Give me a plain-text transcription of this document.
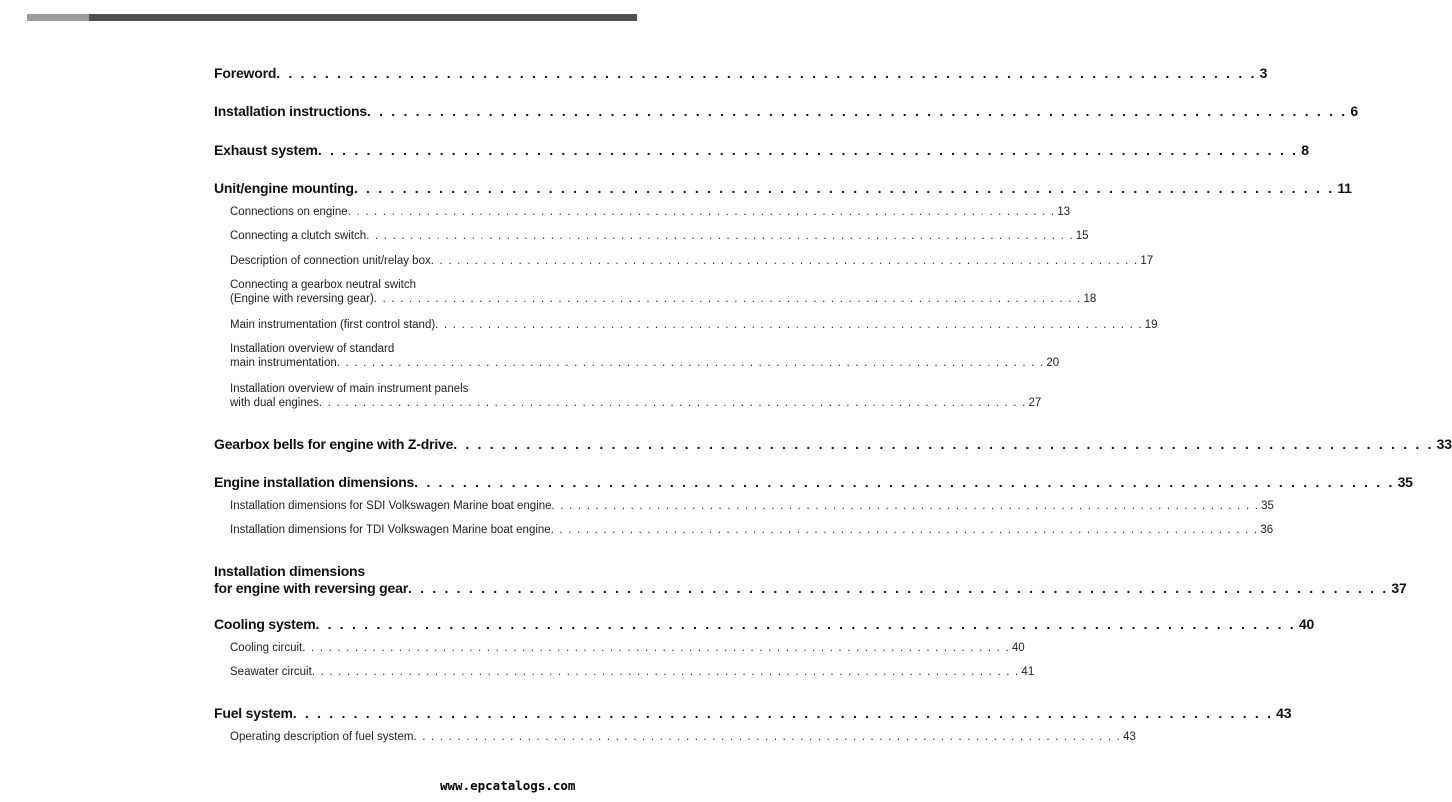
Foreword . . . . . . . . . . . . . . . . . . . . . . . . . . . . . . . . . . . . . . . . . . . . . . . . . . . . . . . . . . . . . . . . . . . . . . . . . . . . . . . . . 3
Installation instructions . . . . . . . . . . . . . . . . . . . . . . . . . . . . . . . . . . . . . . . . . . . . . . . . . . . . . . . . . . . . . . . . . . . . . . . . . . . . . . . . . 6
Exhaust system . . . . . . . . . . . . . . . . . . . . . . . . . . . . . . . . . . . . . . . . . . . . . . . . . . . . . . . . . . . . . . . . . . . . . . . . . . . . . . . . . 8
Unit/engine mounting . . . . . . . . . . . . . . . . . . . . . . . . . . . . . . . . . . . . . . . . . . . . . . . . . . . . . . . . . . . . . . . . . . . . . . . . . . . . . . . . . 11
Connections on engine . . . . . . . . . . . . . . . . . . . . . . . . . . . . . . . . . . . . . . . . . . . . . . . . . . . . . . . . . . . . . . . . . . . . . . . . . . . . . . . . . 13
Connecting a clutch switch . . . . . . . . . . . . . . . . . . . . . . . . . . . . . . . . . . . . . . . . . . . . . . . . . . . . . . . . . . . . . . . . . . . . . . . . . . . . . . . . . 15
Description of connection unit/relay box . . . . . . . . . . . . . . . . . . . . . . . . . . . . . . . . . . . . . . . . . . . . . . . . . . . . . . . . . . . . . . . . . . . . . . . . . . . . . . . . . 17
Connecting a gearbox neutral switch
(Engine with reversing gear) . . . . . . . . . . . . . . . . . . . . . . . . . . . . . . . . . . . . . . . . . . . . . . . . . . . . . . . . . . . . . . . . . . . . . . . . . . . . . . . . . 18
Main instrumentation (first control stand) . . . . . . . . . . . . . . . . . . . . . . . . . . . . . . . . . . . . . . . . . . . . . . . . . . . . . . . . . . . . . . . . . . . . . . . . . . . . . . . . . 19
Installation overview of standard
main instrumentation . . . . . . . . . . . . . . . . . . . . . . . . . . . . . . . . . . . . . . . . . . . . . . . . . . . . . . . . . . . . . . . . . . . . . . . . . . . . . . . . . 20
Installation overview of main instrument panels
with dual engines . . . . . . . . . . . . . . . . . . . . . . . . . . . . . . . . . . . . . . . . . . . . . . . . . . . . . . . . . . . . . . . . . . . . . . . . . . . . . . . . . 27
Gearbox bells for engine with Z-drive . . . . . . . . . . . . . . . . . . . . . . . . . . . . . . . . . . . . . . . . . . . . . . . . . . . . . . . . . . . . . . . . . . . . . . . . . . . . . . . . . 33
Engine installation dimensions . . . . . . . . . . . . . . . . . . . . . . . . . . . . . . . . . . . . . . . . . . . . . . . . . . . . . . . . . . . . . . . . . . . . . . . . . . . . . . . . . 35
Installation dimensions for SDI Volkswagen Marine boat engine . . . . . . . . . . . . . . . . . . . . . . . . . . . . . . . . . . . . . . . . . . . . . . . . . . . . . . . . . . . . . . . . . . . . . . . . . . . . . . . . . 35
Installation dimensions for TDI Volkswagen Marine boat engine . . . . . . . . . . . . . . . . . . . . . . . . . . . . . . . . . . . . . . . . . . . . . . . . . . . . . . . . . . . . . . . . . . . . . . . . . . . . . . . . . 36
Installation dimensions
for engine with reversing gear . . . . . . . . . . . . . . . . . . . . . . . . . . . . . . . . . . . . . . . . . . . . . . . . . . . . . . . . . . . . . . . . . . . . . . . . . . . . . . . . . 37
Cooling system . . . . . . . . . . . . . . . . . . . . . . . . . . . . . . . . . . . . . . . . . . . . . . . . . . . . . . . . . . . . . . . . . . . . . . . . . . . . . . . . . 40
Cooling circuit . . . . . . . . . . . . . . . . . . . . . . . . . . . . . . . . . . . . . . . . . . . . . . . . . . . . . . . . . . . . . . . . . . . . . . . . . . . . . . . . . 40
Seawater circuit . . . . . . . . . . . . . . . . . . . . . . . . . . . . . . . . . . . . . . . . . . . . . . . . . . . . . . . . . . . . . . . . . . . . . . . . . . . . . . . . . 41
Fuel system . . . . . . . . . . . . . . . . . . . . . . . . . . . . . . . . . . . . . . . . . . . . . . . . . . . . . . . . . . . . . . . . . . . . . . . . . . . . . . . . . 43
Operating description of fuel system . . . . . . . . . . . . . . . . . . . . . . . . . . . . . . . . . . . . . . . . . . . . . . . . . . . . . . . . . . . . . . . . . . . . . . . . . . . . . . . . . 43
www.epcatalogs.com
